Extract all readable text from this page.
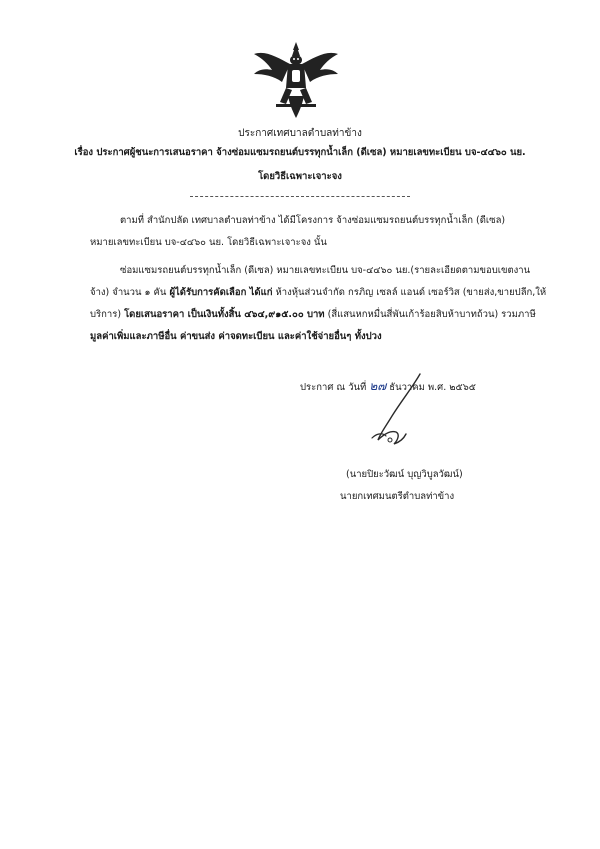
ประกาศเทศบาลตำบลท่าข้าง
เรื่อง ประกาศผู้ชนะการเสนอราคา จ้างซ่อมแซมรถยนต์บรรทุกน้ำเล็ก (ดีเซล) หมายเลขทะเบียน บจ-๔๔๖๐ นย.
โดยวิธีเฉพาะเจาะจง
ตามที่ สำนักปลัด เทศบาลตำบลท่าข้าง ได้มีโครงการ จ้างซ่อมแซมรถยนต์บรรทุกน้ำเล็ก (ดีเซล)
หมายเลขทะเบียน บจ-๔๔๖๐ นย. โดยวิธีเฉพาะเจาะจง นั้น
ซ่อมแซมรถยนต์บรรทุกน้ำเล็ก (ดีเซล) หมายเลขทะเบียน บจ-๔๔๖๐ นย.(รายละเอียดตามขอบเขตงาน
จ้าง) จำนวน ๑ คัน ผู้ได้รับการคัดเลือก ได้แก่ ห้างหุ้นส่วนจำกัด กรภิญ เซลล์ แอนด์ เซอร์วิส (ขายส่ง,ขายปลีก,ให้
บริการ) โดยเสนอราคา เป็นเงินทั้งสิ้น ๔๖๔,๙๑๕.๐๐ บาท (สี่แสนหกหมื่นสี่พันเก้าร้อยสิบห้าบาทถ้วน) รวมภาษี
มูลค่าเพิ่มและภาษีอื่น ค่าขนส่ง ค่าจดทะเบียน และค่าใช้จ่ายอื่นๆ ทั้งปวง
ประกาศ ณ วันที่ ๒๗ ธันวาคม พ.ศ. ๒๕๖๕
(นายปิยะวัฒน์ บุญวิบูลวัฒน์)
นายกเทศมนตรีตำบลท่าข้าง
